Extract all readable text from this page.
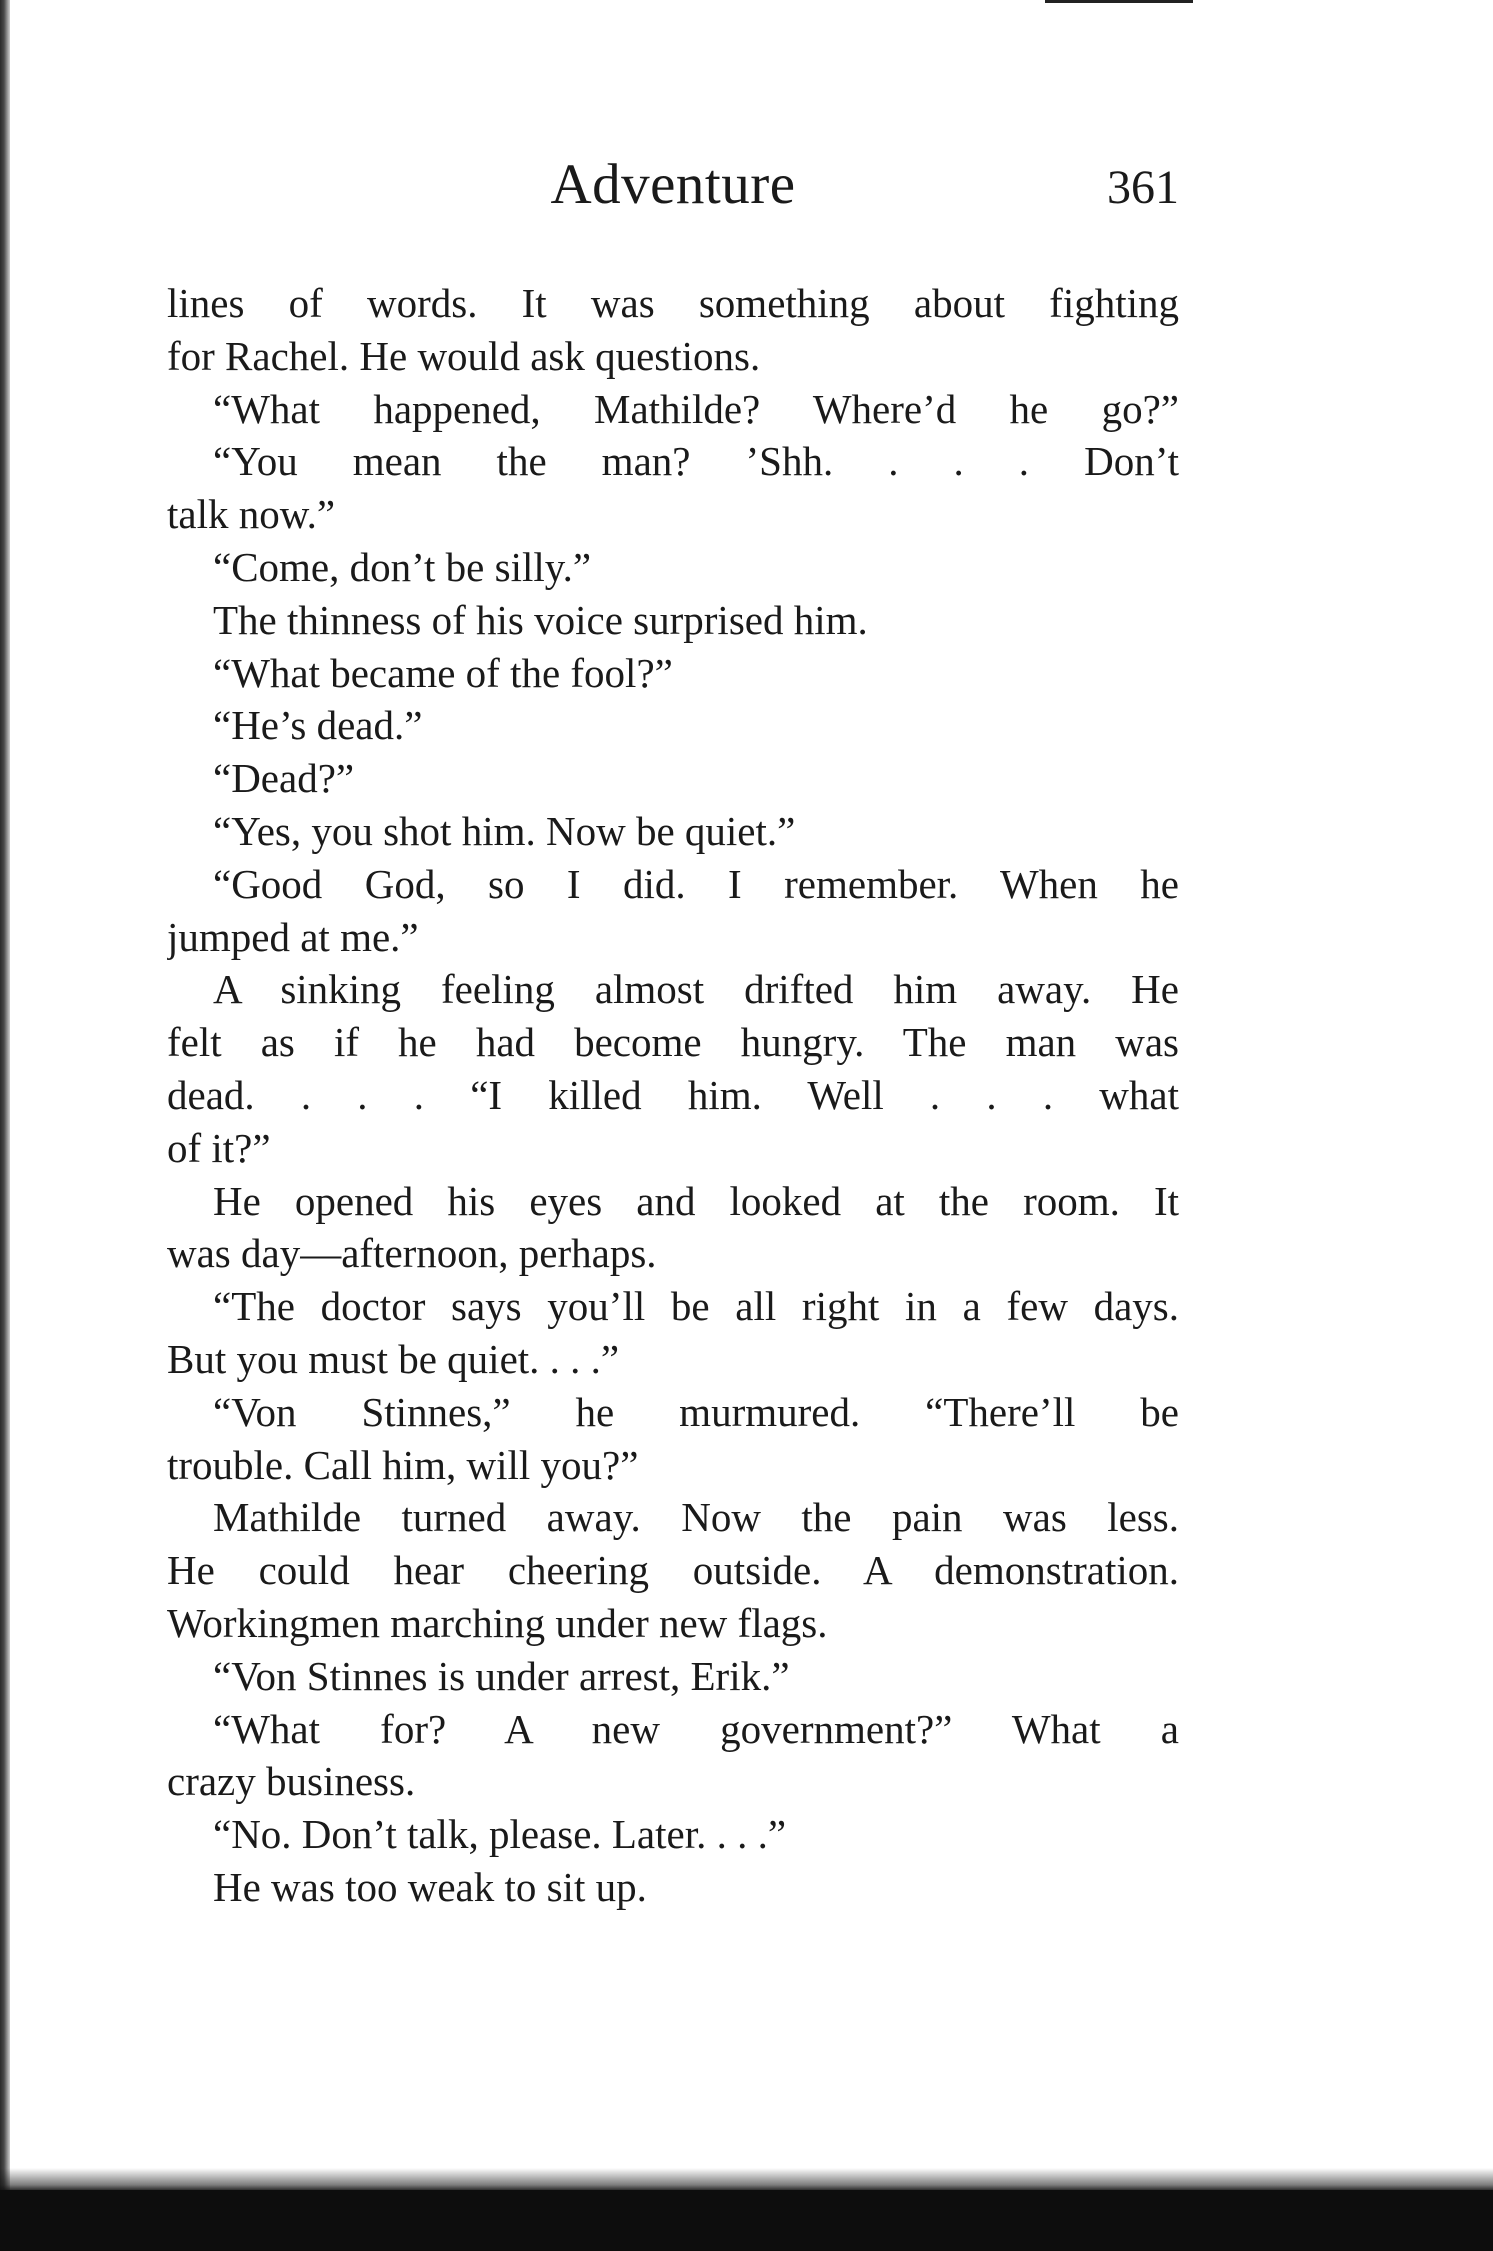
Adventure	361
lines of words. It was something about fighting
for Rachel. He would ask questions.
“What happened, Mathilde? Where’d he go?”
“You mean the man? ’Shh. . . . Don’t
talk now.”
“Come, don’t be silly.”
The thinness of his voice surprised him.
“What became of the fool?”
“He’s dead.”
“Dead?”
“Yes, you shot him. Now be quiet.”
“Good God, so I did. I remember. When he
jumped at me.”
A sinking feeling almost drifted him away. He
felt as if he had become hungry. The man was
dead. . . . “I killed him. Well . . . what
of it?”
He opened his eyes and looked at the room. It
was day—afternoon, perhaps.
“The doctor says you’ll be all right in a few days.
But you must be quiet. . . .”
“Von Stinnes,” he murmured. “There’ll be
trouble. Call him, will you?”
Mathilde turned away. Now the pain was less.
He could hear cheering outside. A demonstration.
Workingmen marching under new flags.
“Von Stinnes is under arrest, Erik.”
“What for? A new government?” What a
crazy business.
“No. Don’t talk, please. Later. . . .”
He was too weak to sit up.
